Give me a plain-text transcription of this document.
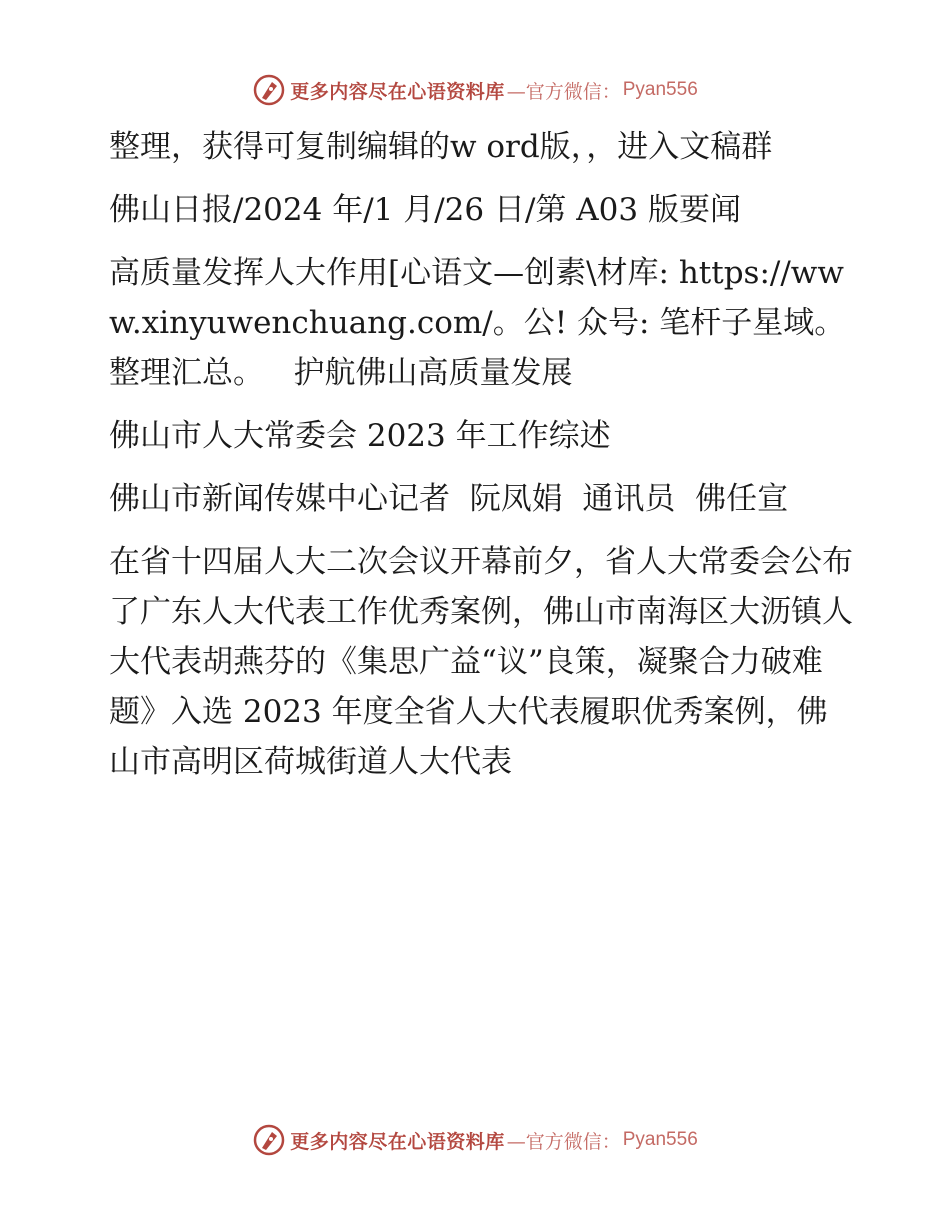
更多内容尽在心语资料库 —官方微信： Pyan556

整理，获得可复制编辑的w ord版，，进入文稿群

佛山日报/2024 年/1 月/26 日/第 A03 版要闻

高质量发挥人大作用[心语文—创素\材库: https://www.xinyuwenchuang.com/。公! 众号: 笔杆子星域。整理汇总。   护航佛山高质量发展

佛山市人大常委会 2023 年工作综述

佛山市新闻传媒中心记者  阮凤娟  通讯员  佛任宣

在省十四届人大二次会议开幕前夕，省人大常委会公布了广东人大代表工作优秀案例，佛山市南海区大沥镇人大代表胡燕芬的《集思广益“议”良策，凝聚合力破难题》入选 2023 年度全省人大代表履职优秀案例，佛山市高明区荷城街道人大代表

更多内容尽在心语资料库 —官方微信： Pyan556
